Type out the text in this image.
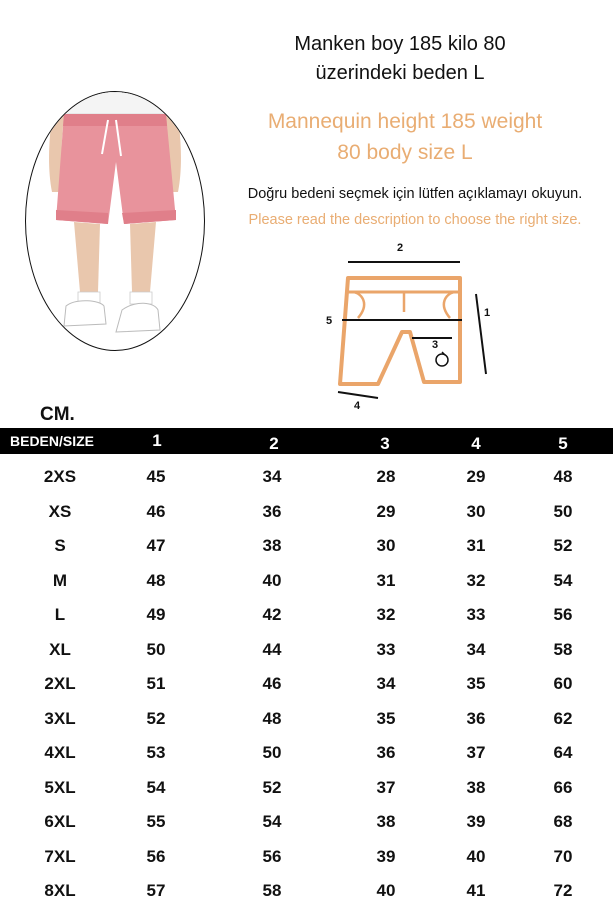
Manken boy 185 kilo 80
üzerindeki beden L
Mannequin height 185 weight
80 body size L
Doğru bedeni seçmek için lütfen açıklamayı okuyun.
Please read the description to choose the right size.
2
5
1
3
4
CM.
BEDEN/SIZE	1	2	3	4	5
2XS	45	34	28	29	48
XS	46	36	29	30	50
S	47	38	30	31	52
M	48	40	31	32	54
L	49	42	32	33	56
XL	50	44	33	34	58
2XL	51	46	34	35	60
3XL	52	48	35	36	62
4XL	53	50	36	37	64
5XL	54	52	37	38	66
6XL	55	54	38	39	68
7XL	56	56	39	40	70
8XL	57	58	40	41	72
